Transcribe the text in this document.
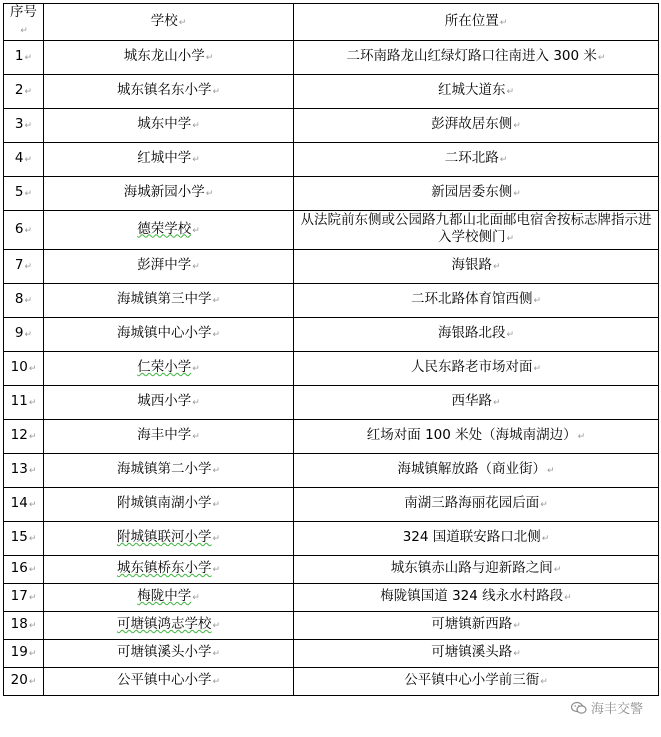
序号↵	学校↵	所在位置↵
1↵	城东龙山小学↵	二环南路龙山红绿灯路口往南进入 300 米↵
2↵	城东镇名东小学↵	红城大道东↵
3↵	城东中学↵	彭湃故居东侧↵
4↵	红城中学↵	二环北路↵
5↵	海城新园小学↵	新园居委东侧↵
6↵	德荣学校↵	从法院前东侧或公园路九都山北面邮电宿舍按标志牌指示进入学校侧门↵
7↵	彭湃中学↵	海银路↵
8↵	海城镇第三中学↵	二环北路体育馆西侧↵
9↵	海城镇中心小学↵	海银路北段↵
10↵	仁荣小学↵	人民东路老市场对面↵
11↵	城西小学↵	西华路↵
12↵	海丰中学↵	红场对面 100 米处（海城南湖边）↵
13↵	海城镇第二小学↵	海城镇解放路（商业街）↵
14↵	附城镇南湖小学↵	南湖三路海丽花园后面↵
15↵	附城镇联河小学↵	324 国道联安路口北侧↵
16↵	城东镇桥东小学↵	城东镇赤山路与迎新路之间↵
17↵	梅陇中学↵	梅陇镇国道 324 线永水村路段↵
18↵	可塘镇鸿志学校↵	可塘镇新西路↵
19↵	可塘镇溪头小学↵	可塘镇溪头路↵
20↵	公平镇中心小学↵	公平镇中心小学前三衙↵
海丰交警
